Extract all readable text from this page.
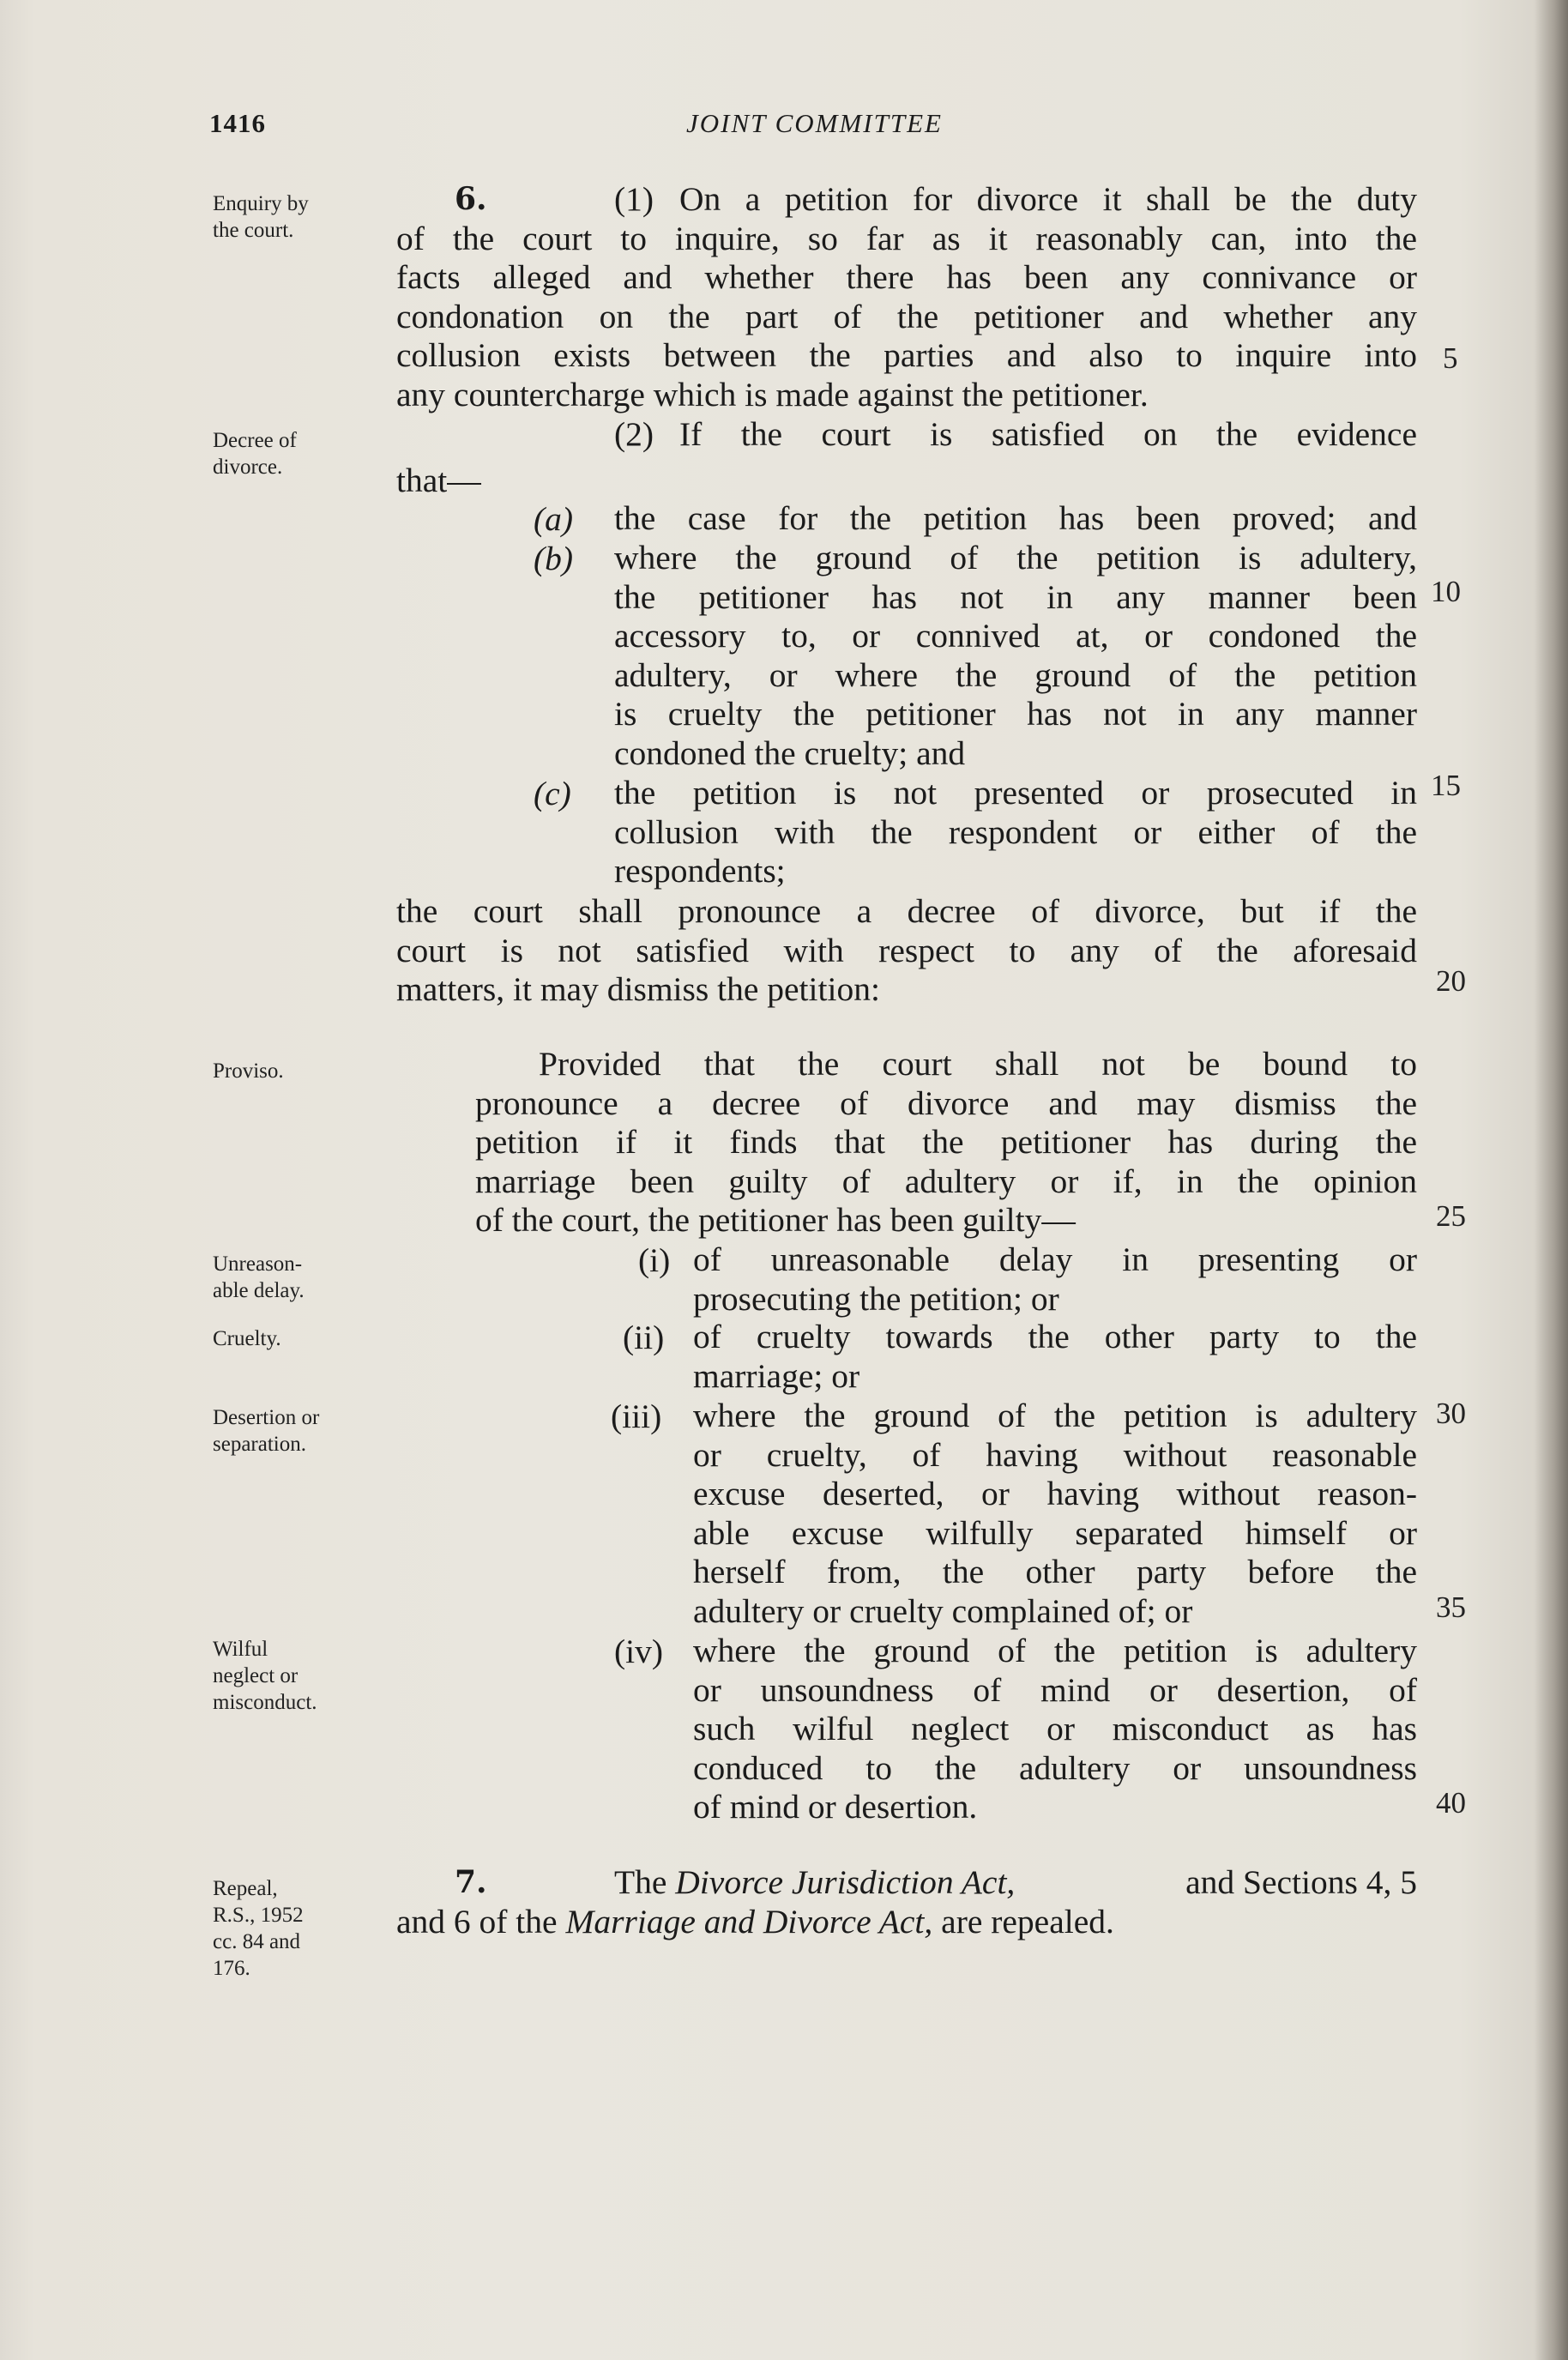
1416	JOINT COMMITTEE
Enquiry by
the court.
Decree of
divorce.
Proviso.
Unreason-
able delay.
Cruelty.
Desertion or
separation.
Wilful
neglect or
misconduct.
Repeal,
R.S., 1952
cc. 84 and
176.
6.	(1) On a petition for divorce it shall be the duty
of the court to inquire, so far as it reasonably can, into the
facts alleged and whether there has been any connivance or
condonation on the part of the petitioner and whether any
collusion exists between the parties and also to inquire into
any countercharge which is made against the petitioner.
(2) If the court is satisfied on the evidence
that—
(a) the case for the petition has been proved; and
(b) where the ground of the petition is adultery,
the petitioner has not in any manner been
accessory to, or connived at, or condoned the
adultery, or where the ground of the petition
is cruelty the petitioner has not in any manner
condoned the cruelty; and
(c) the petition is not presented or prosecuted in
collusion with the respondent or either of the
respondents;
the court shall pronounce a decree of divorce, but if the
court is not satisfied with respect to any of the aforesaid
matters, it may dismiss the petition:
Provided that the court shall not be bound to
pronounce a decree of divorce and may dismiss the
petition if it finds that the petitioner has during the
marriage been guilty of adultery or if, in the opinion
of the court, the petitioner has been guilty—
(i) of unreasonable delay in presenting or
prosecuting the petition; or
(ii) of cruelty towards the other party to the
marriage; or
(iii) where the ground of the petition is adultery
or cruelty, of having without reasonable
excuse deserted, or having without reason-
able excuse wilfully separated himself or
herself from, the other party before the
adultery or cruelty complained of; or
(iv) where the ground of the petition is adultery
or unsoundness of mind or desertion, of
such wilful neglect or misconduct as has
conduced to the adultery or unsoundness
of mind or desertion.
7.	The Divorce Jurisdiction Act,	and Sections 4, 5
and 6 of the Marriage and Divorce Act, are repealed.
5
10
15
20
25
30
35
40
